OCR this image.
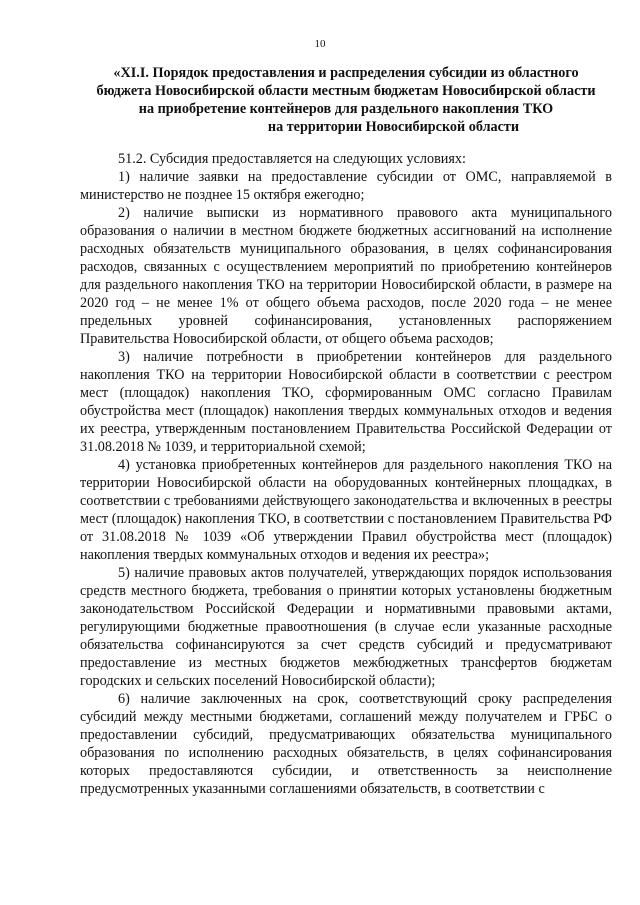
10
«XI.I. Порядок предоставления и распределения субсидии из областного
бюджета Новосибирской области местным бюджетам Новосибирской области
на приобретение контейнеров для раздельного накопления ТКО
на территории Новосибирской области

51.2. Субсидия предоставляется на следующих условиях:

1) наличие заявки на предоставление субсидии от ОМС, направляемой в министерство не позднее 15 октября ежегодно;

2) наличие выписки из нормативного правового акта муниципального образования о наличии в местном бюджете бюджетных ассигнований на исполнение расходных обязательств муниципального образования, в целях софинансирования расходов, связанных с осуществлением мероприятий по приобретению контейнеров для раздельного накопления ТКО на территории Новосибирской области, в размере на 2020 год – не менее 1% от общего объема расходов, после 2020 года – не менее предельных уровней софинансирования, установленных распоряжением Правительства Новосибирской области, от общего объема расходов;

3) наличие потребности в приобретении контейнеров для раздельного накопления ТКО на территории Новосибирской области в соответствии с реестром мест (площадок) накопления ТКО, сформированным ОМС согласно Правилам обустройства мест (площадок) накопления твердых коммунальных отходов и ведения их реестра, утвержденным постановлением Правительства Российской Федерации от 31.08.2018 № 1039, и территориальной схемой;

4) установка приобретенных контейнеров для раздельного накопления ТКО на территории Новосибирской области на оборудованных контейнерных площадках, в соответствии с требованиями действующего законодательства и включенных в реестры мест (площадок) накопления ТКО, в соответствии с постановлением Правительства РФ от 31.08.2018 № 1039 «Об утверждении Правил обустройства мест (площадок) накопления твердых коммунальных отходов и ведения их реестра»;

5) наличие правовых актов получателей, утверждающих порядок использования средств местного бюджета, требования о принятии которых установлены бюджетным законодательством Российской Федерации и нормативными правовыми актами, регулирующими бюджетные правоотношения (в случае если указанные расходные обязательства софинансируются за счет средств субсидий и предусматривают предоставление из местных бюджетов межбюджетных трансфертов бюджетам городских и сельских поселений Новосибирской области);

6) наличие заключенных на срок, соответствующий сроку распределения субсидий между местными бюджетами, соглашений между получателем и ГРБС о предоставлении субсидий, предусматривающих обязательства муниципального образования по исполнению расходных обязательств, в целях софинансирования которых предоставляются субсидии, и ответственность за неисполнение предусмотренных указанными соглашениями обязательств, в соответствии с
